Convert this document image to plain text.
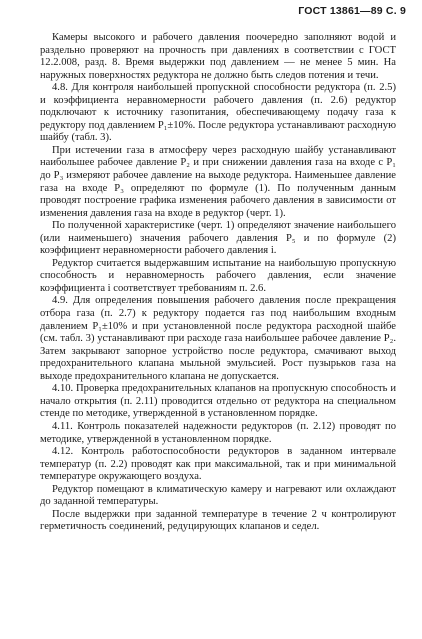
ГОСТ 13861—89 С. 9

Камеры высокого и рабочего давления поочередно заполняют водой и раздельно проверяют на прочность при давлениях в соответствии с ГОСТ 12.2.008, разд. 8. Время выдержки под давлением — не менее 5 мин. На наружных поверхностях редуктора не должно быть следов потения и течи.

4.8. Для контроля наибольшей пропускной способности редуктора (п. 2.5) и коэффициента неравномерности рабочего давления (п. 2.6) редуктор подключают к источнику газопитания, обеспечивающему подачу газа к редуктору под давлением P₁±10%. После редуктора устанавливают расходную шайбу (табл. 3).

При истечении газа в атмосферу через расходную шайбу устанавливают наибольшее рабочее давление P₂ и при снижении давления газа на входе с P₁ до P₃ измеряют рабочее давление на выходе редуктора. Наименьшее давление газа на входе P₃ определяют по формуле (1). По полученным данным проводят построение графика изменения рабочего давления в зависимости от изменения давления газа на входе в редуктор (черт. 1).

По полученной характеристике (черт. 1) определяют значение наибольшего (или наименьшего) значения рабочего давления P₅ и по формуле (2) коэффициент неравномерности рабочего давления i.

Редуктор считается выдержавшим испытание на наибольшую пропускную способность и неравномерность рабочего давления, если значение коэффициента i соответствует требованиям п. 2.6.

4.9. Для определения повышения рабочего давления после прекращения отбора газа (п. 2.7) к редуктору подается газ под наибольшим входным давлением P₁±10% и при установленной после редуктора расходной шайбе (см. табл. 3) устанавливают при расходе газа наибольшее рабочее давление P₂. Затем закрывают запорное устройство после редуктора, смачивают выход предохранительного клапана мыльной эмульсией. Рост пузырьков газа на выходе предохранительного клапана не допускается.

4.10. Проверка предохранительных клапанов на пропускную способность и начало открытия (п. 2.11) проводится отдельно от редуктора на специальном стенде по методике, утвержденной в установленном порядке.

4.11. Контроль показателей надежности редукторов (п. 2.12) проводят по методике, утвержденной в установленном порядке.

4.12. Контроль работоспособности редукторов в заданном интервале температур (п. 2.2) проводят как при максимальной, так и при минимальной температуре окружающего воздуха.

Редуктор помещают в климатическую камеру и нагревают или охлаждают до заданной температуры.

После выдержки при заданной температуре в течение 2 ч контролируют герметичность соединений, редуцирующих клапанов и седел.
